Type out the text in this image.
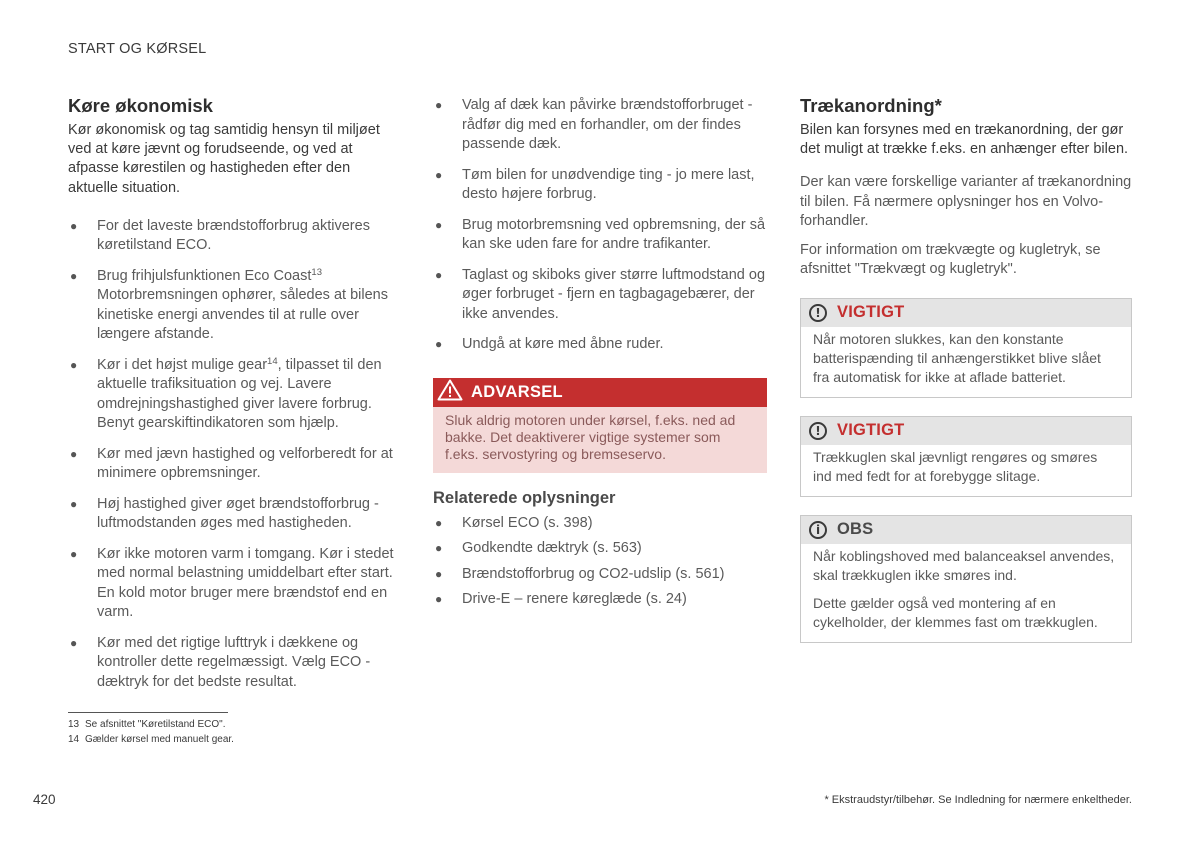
START OG KØRSEL
Køre økonomisk

Kør økonomisk og tag samtidig hensyn til miljøet ved at køre jævnt og forudseende, og ved at afpasse kørestilen og hastigheden efter den aktuelle situation.

● For det laveste brændstofforbrug aktiveres køretilstand ECO.
● Brug frihjulsfunktionen Eco Coast$^{13}$ Motorbremsningen ophører, således at bilens kinetiske energi anvendes til at rulle over længere afstande.
● Kør i det højst mulige gear$^{14}$, tilpasset til den aktuelle trafiksituation og vej. Lavere omdrejningshastighed giver lavere forbrug. Benyt gearskiftindikatoren som hjælp.
● Kør med jævn hastighed og velforberedt for at minimere opbremsninger.
● Høj hastighed giver øget brændstofforbrug - luftmodstanden øges med hastigheden.
● Kør ikke motoren varm i tomgang. Kør i stedet med normal belastning umiddelbart efter start. En kold motor bruger mere brændstof end en varm.
● Kør med det rigtige lufttryk i dækkene og kontroller dette regelmæssigt. Vælg ECO -dæktryk for det bedste resultat.
● Valg af dæk kan påvirke brændstofforbruget - rådfør dig med en forhandler, om der findes passende dæk.
● Tøm bilen for unødvendige ting - jo mere last, desto højere forbrug.
● Brug motorbremsning ved opbremsning, der så kan ske uden fare for andre trafikanter.
● Taglast og skiboks giver større luftmodstand og øger forbruget - fjern en tagbagagebærer, der ikke anvendes.
● Undgå at køre med åbne ruder.
ADVARSEL
Sluk aldrig motoren under kørsel, f.eks. ned ad bakke. Det deaktiverer vigtige systemer som f.eks. servostyring og bremseservo.
Relaterede oplysninger
● Kørsel ECO (s. 398)
● Godkendte dæktryk (s. 563)
● Brændstofforbrug og CO2-udslip (s. 561)
● Drive-E – renere køreglæde (s. 24)
Trækanordning*

Bilen kan forsynes med en trækanordning, der gør det muligt at trække f.eks. en anhænger efter bilen.

Der kan være forskellige varianter af trækanordning til bilen. Få nærmere oplysninger hos en Volvo-forhandler.

For information om trækvægte og kugletryk, se afsnittet "Trækvægt og kugletryk".

! VIGTIGT

Når motoren slukkes, kan den konstante batterispænding til anhængerstikket blive slået fra automatisk for ikke at aflade batteriet.

! VIGTIGT

Trækkuglen skal jævnligt rengøres og smøres ind med fedt for at forebygge slitage.

i	OBS

Når koblingshoved med balanceaksel anvendes, skal trækkuglen ikke smøres ind.

Dette gælder også ved montering af en cykelholder, der klemmes fast om trækkuglen.

13 Se afsnittet "Køretilstand ECO".
14 Gælder kørsel med manuelt gear.
420	* Ekstraudstyr/tilbehør. Se Indledning for nærmere enkeltheder.
